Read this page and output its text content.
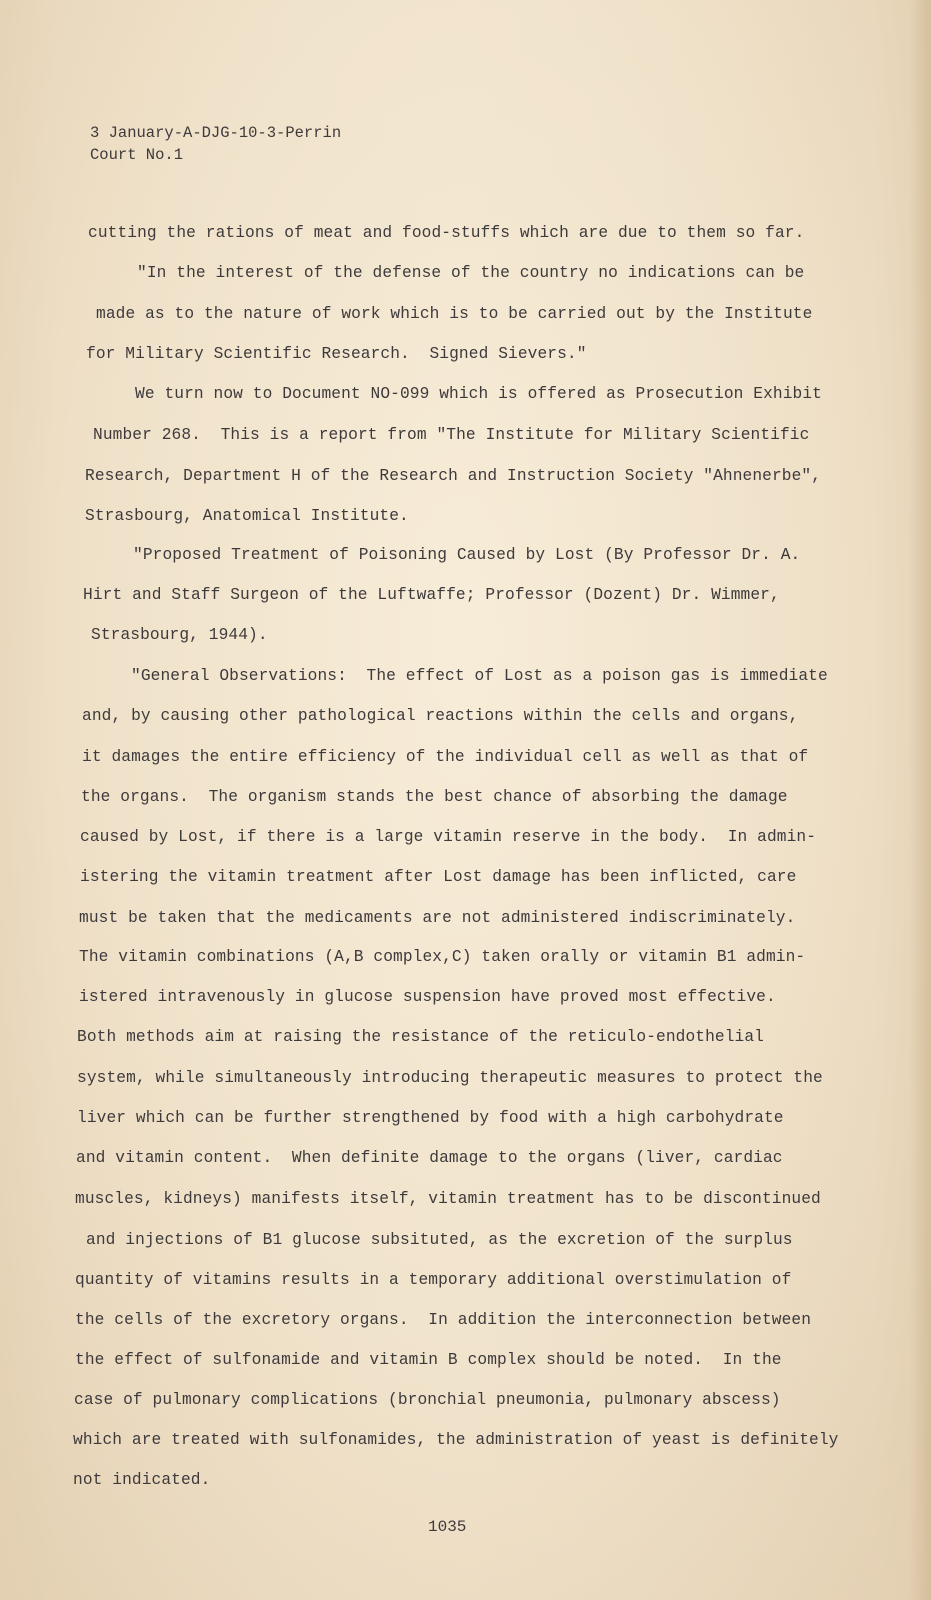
3 January-A-DJG-10-3-Perrin
Court No.1
cutting the rations of meat and food-stuffs which are due to them so far.
"In the interest of the defense of the country no indications can be
made as to the nature of work which is to be carried out by the Institute
for Military Scientific Research.  Signed Sievers."
We turn now to Document NO-099 which is offered as Prosecution Exhibit
Number 268.  This is a report from "The Institute for Military Scientific
Research, Department H of the Research and Instruction Society "Ahnenerbe",
Strasbourg, Anatomical Institute.
"Proposed Treatment of Poisoning Caused by Lost (By Professor Dr. A.
Hirt and Staff Surgeon of the Luftwaffe; Professor (Dozent) Dr. Wimmer,
Strasbourg, 1944).
"General Observations:  The effect of Lost as a poison gas is immediate
and, by causing other pathological reactions within the cells and organs,
it damages the entire efficiency of the individual cell as well as that of
the organs.  The organism stands the best chance of absorbing the damage
caused by Lost, if there is a large vitamin reserve in the body.  In admin-
istering the vitamin treatment after Lost damage has been inflicted, care
must be taken that the medicaments are not administered indiscriminately.
The vitamin combinations (A,B complex,C) taken orally or vitamin B1 admin-
istered intravenously in glucose suspension have proved most effective.
Both methods aim at raising the resistance of the reticulo-endothelial
system, while simultaneously introducing therapeutic measures to protect the
liver which can be further strengthened by food with a high carbohydrate
and vitamin content.  When definite damage to the organs (liver, cardiac
muscles, kidneys) manifests itself, vitamin treatment has to be discontinued
and injections of B1 glucose subsituted, as the excretion of the surplus
quantity of vitamins results in a temporary additional overstimulation of
the cells of the excretory organs.  In addition the interconnection between
the effect of sulfonamide and vitamin B complex should be noted.  In the
case of pulmonary complications (bronchial pneumonia, pulmonary abscess)
which are treated with sulfonamides, the administration of yeast is definitely
not indicated.
1035
